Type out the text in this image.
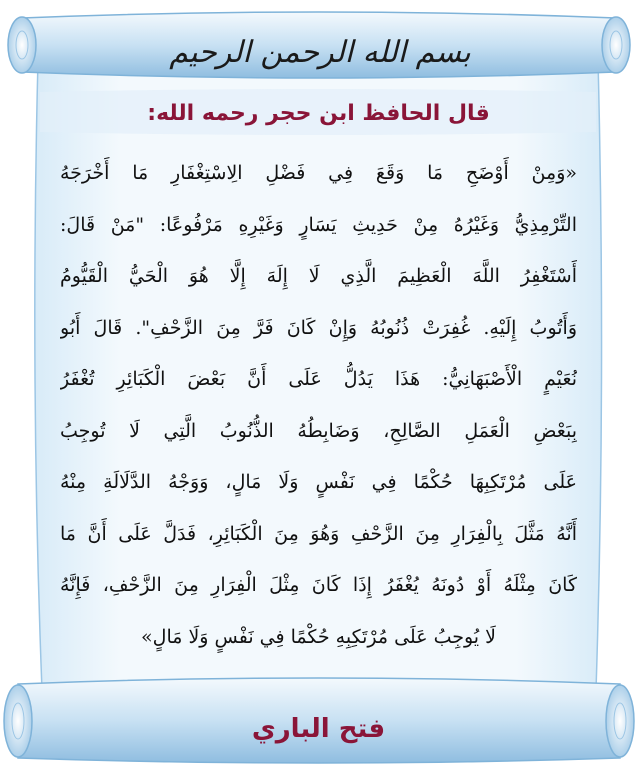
بسم الله الرحمن الرحيم
قال الحافظ ابن حجر رحمه الله:
«وَمِنْ أَوْضَحِ مَا وَقَعَ فِي فَضْلِ الِاسْتِغْفَارِ مَا أَخْرَجَهُ
التِّرْمِذِيُّ وَغَيْرُهُ مِنْ حَدِيثِ يَسَارٍ وَغَيْرِهِ مَرْفُوعًا: "مَنْ قَالَ:
أَسْتَغْفِرُ اللَّهَ الْعَظِيمَ الَّذِي لَا إِلَهَ إِلَّا هُوَ الْحَيُّ الْقَيُّومُ
وَأَتُوبُ إِلَيْهِ. غُفِرَتْ ذُنُوبُهُ وَإِنْ كَانَ فَرَّ مِنَ الزَّحْفِ". قَالَ أَبُو
نُعَيْمٍ الْأَصْبَهَانِيُّ: هَذَا يَدُلُّ عَلَى أَنَّ بَعْضَ الْكَبَائِرِ تُغْفَرُ
بِبَعْضِ الْعَمَلِ الصَّالِحِ، وَضَابِطُهُ الذُّنُوبُ الَّتِي لَا تُوجِبُ
عَلَى مُرْتَكِبِهَا حُكْمًا فِي نَفْسٍ وَلَا مَالٍ، وَوَجْهُ الدَّلَالَةِ مِنْهُ
أَنَّهُ مَثَّلَ بِالْفِرَارِ مِنَ الزَّحْفِ وَهُوَ مِنَ الْكَبَائِرِ، فَدَلَّ عَلَى أَنَّ مَا
كَانَ مِثْلَهُ أَوْ دُونَهُ يُغْفَرُ إِذَا كَانَ مِثْلَ الْفِرَارِ مِنَ الزَّحْفِ، فَإِنَّهُ
لَا يُوجِبُ عَلَى مُرْتَكِبِهِ حُكْمًا فِي نَفْسٍ وَلَا مَالٍ»
فتح الباري
